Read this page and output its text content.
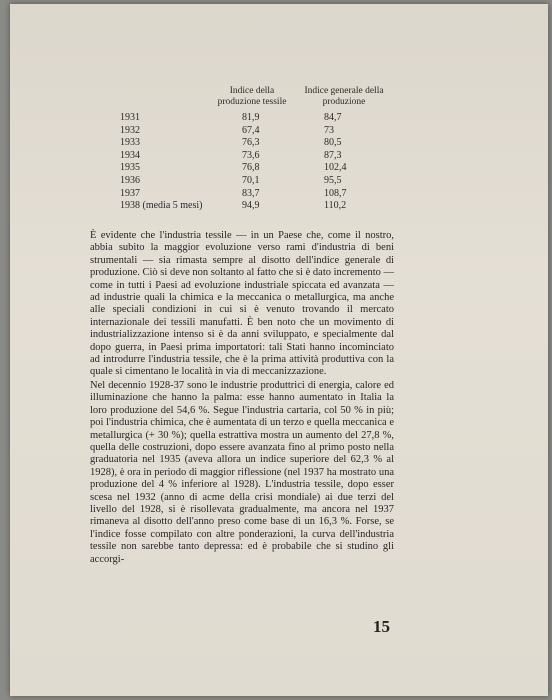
Indice della produzione tessile
Indice generale della produzione
1931	81,9	84,7
1932	67,4	73
1933	76,3	80,5
1934	73,6	87,3
1935	76,8	102,4
1936	70,1	95,5
1937	83,7	108,7
1938 (media 5 mesi)	94,9	110,2

È evidente che l'industria tessile — in un Paese che, come il nostro, abbia subito la maggior evoluzione verso rami d'industria di beni strumentali — sia rimasta sempre al disotto dell'indice generale di produzione. Ciò si deve non soltanto al fatto che si è dato incremento — come in tutti i Paesi ad evoluzione industriale spiccata ed avanzata — ad industrie quali la chimica e la meccanica o metallurgica, ma anche alle speciali condizioni in cui si è venuto trovando il mercato internazionale dei tessili manufatti. È ben noto che un movimento di industrializzazione intenso si è da anni sviluppato, e specialmente dal dopo guerra, in Paesi prima importatori: tali Stati hanno incominciato ad introdurre l'industria tessile, che è la prima attività produttiva con la quale si cimentano le località in via di meccanizzazione.

Nel decennio 1928-37 sono le industrie produttrici di energia, calore ed illuminazione che hanno la palma: esse hanno aumentato in Italia la loro produzione del 54,6 %. Segue l'industria cartaria, col 50 % in più; poi l'industria chimica, che è aumentata di un terzo e quella meccanica e metallurgica (+ 30 %); quella estrattiva mostra un aumento del 27,8 %, quella delle costruzioni, dopo essere avanzata fino al primo posto nella graduatoria nel 1935 (aveva allora un indice superiore del 62,3 % al 1928), è ora in periodo di maggior riflessione (nel 1937 ha mostrato una produzione del 4 % inferiore al 1928). L'industria tessile, dopo esser scesa nel 1932 (anno di acme della crisi mondiale) ai due terzi del livello del 1928, si è risollevata gradualmente, ma ancora nel 1937 rimaneva al disotto dell'anno preso come base di un 16,3 %. Forse, se l'indice fosse compilato con altre ponderazioni, la curva dell'industria tessile non sarebbe tanto depressa: ed è probabile che si studino gli accorgi-

15
